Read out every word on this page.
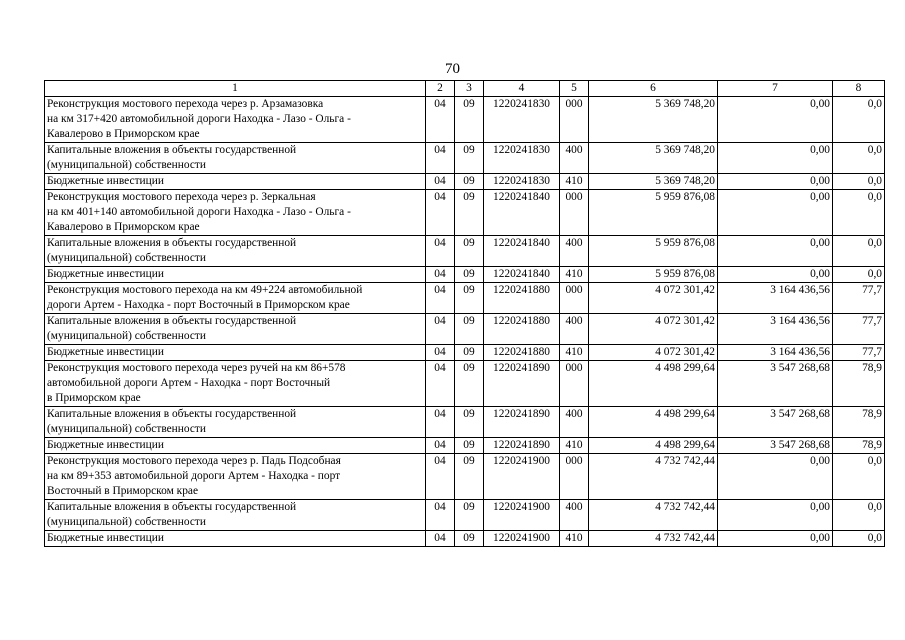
70
1	2	3	4	5	6	7	8
Реконструкция мостового перехода через р. Арзамазовка
на км 317+420 автомобильной дороги Находка - Лазо - Ольга -
Кавалерово в Приморском крае	04	09	1220241830	000	5 369 748,20	0,00	0,0
Капитальные вложения в объекты государственной
(муниципальной) собственности	04	09	1220241830	400	5 369 748,20	0,00	0,0
Бюджетные инвестиции	04	09	1220241830	410	5 369 748,20	0,00	0,0
Реконструкция мостового перехода через р. Зеркальная
на км 401+140 автомобильной дороги Находка - Лазо - Ольга -
Кавалерово в Приморском крае	04	09	1220241840	000	5 959 876,08	0,00	0,0
Капитальные вложения в объекты государственной
(муниципальной) собственности	04	09	1220241840	400	5 959 876,08	0,00	0,0
Бюджетные инвестиции	04	09	1220241840	410	5 959 876,08	0,00	0,0
Реконструкция мостового перехода на км 49+224 автомобильной
дороги Артем - Находка - порт Восточный в Приморском крае	04	09	1220241880	000	4 072 301,42	3 164 436,56	77,7
Капитальные вложения в объекты государственной
(муниципальной) собственности	04	09	1220241880	400	4 072 301,42	3 164 436,56	77,7
Бюджетные инвестиции	04	09	1220241880	410	4 072 301,42	3 164 436,56	77,7
Реконструкция мостового перехода через ручей на км 86+578
автомобильной дороги Артем - Находка - порт Восточный
в Приморском крае	04	09	1220241890	000	4 498 299,64	3 547 268,68	78,9
Капитальные вложения в объекты государственной
(муниципальной) собственности	04	09	1220241890	400	4 498 299,64	3 547 268,68	78,9
Бюджетные инвестиции	04	09	1220241890	410	4 498 299,64	3 547 268,68	78,9
Реконструкция мостового перехода через р. Падь Подсобная
на км 89+353 автомобильной дороги Артем - Находка - порт
Восточный в Приморском крае	04	09	1220241900	000	4 732 742,44	0,00	0,0
Капитальные вложения в объекты государственной
(муниципальной) собственности	04	09	1220241900	400	4 732 742,44	0,00	0,0
Бюджетные инвестиции	04	09	1220241900	410	4 732 742,44	0,00	0,0
